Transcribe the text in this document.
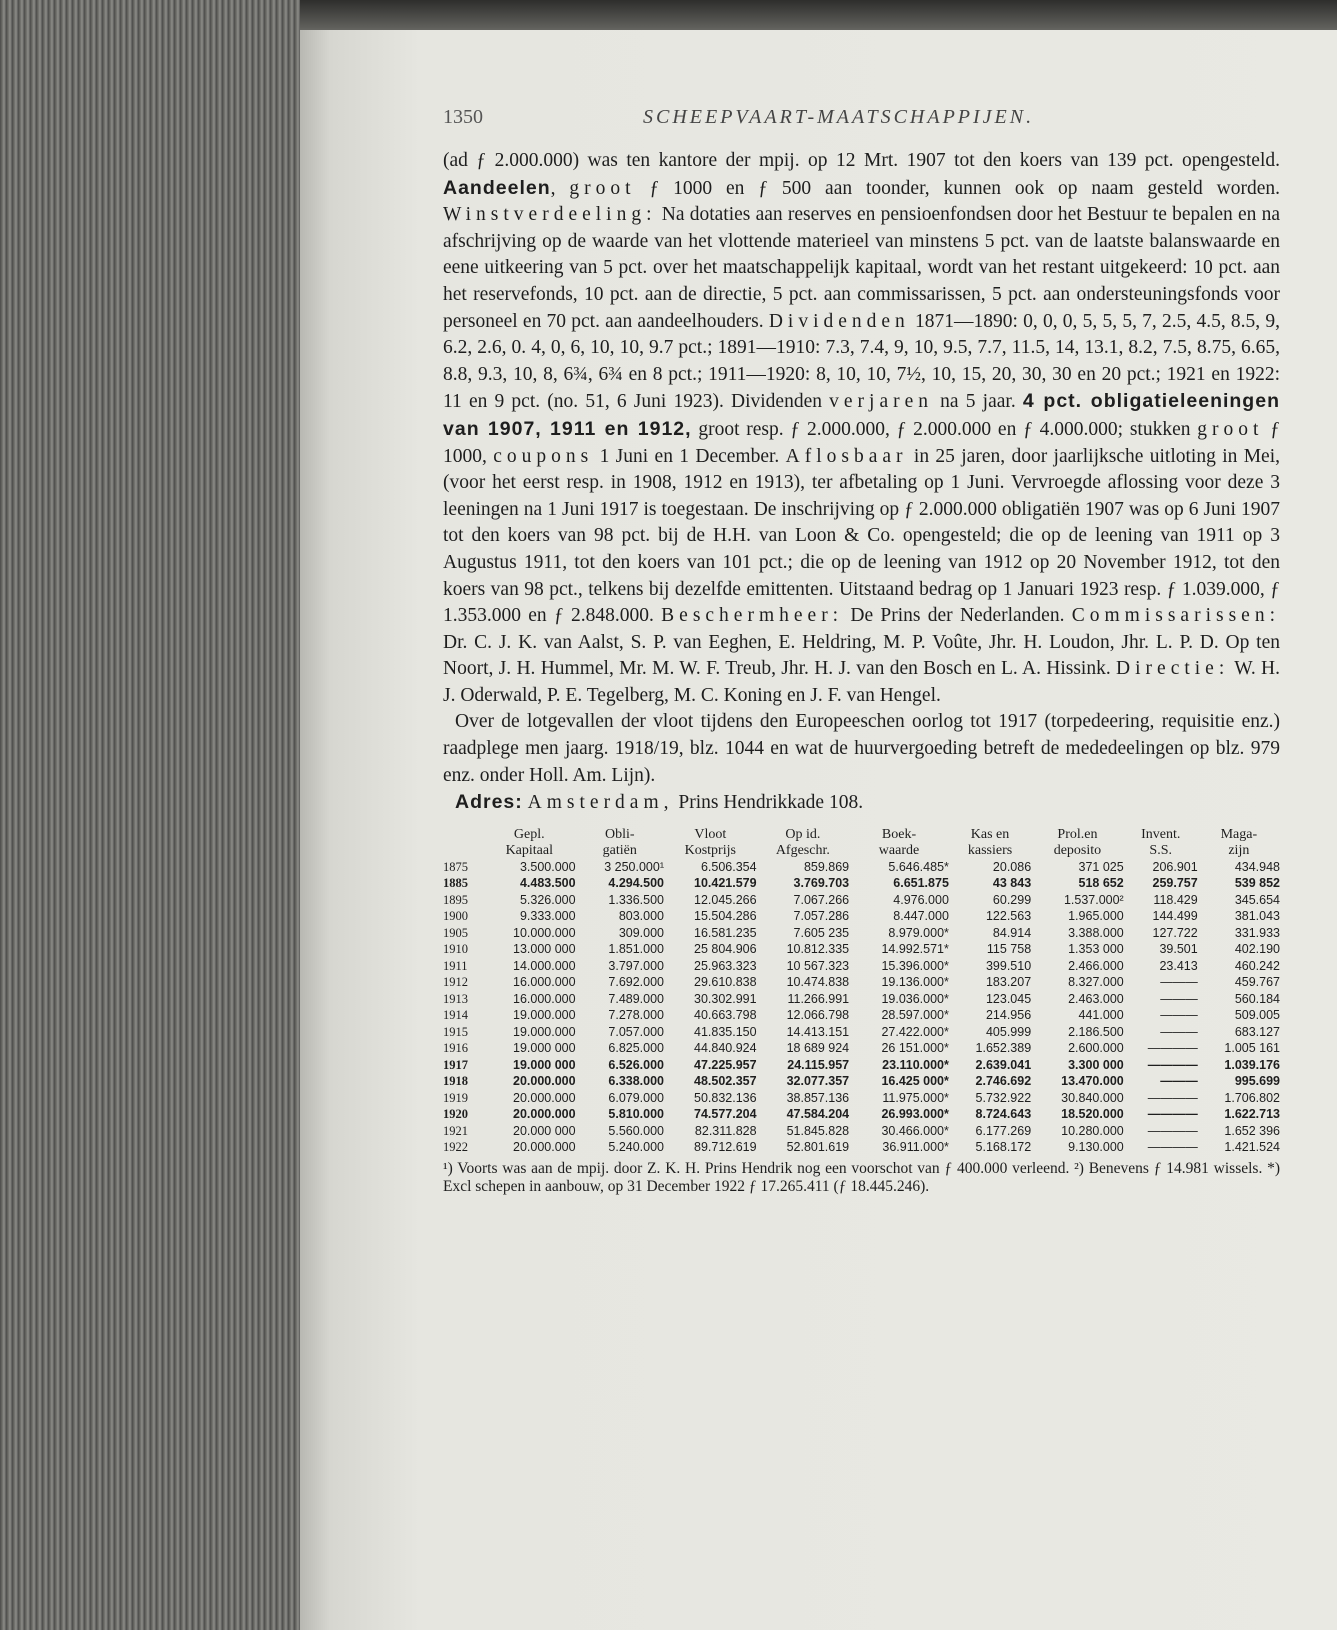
1350	SCHEEPVAART-MAATSCHAPPIJEN.

(ad ƒ 2.000.000) was ten kantore der mpij. op 12 Mrt. 1907 tot den koers van 139 pct. opengesteld. Aandeelen, groot ƒ 1000 en ƒ 500 aan toonder, kunnen ook op naam gesteld worden. Winstverdeeling: Na dotaties aan reserves en pensioenfondsen door het Bestuur te bepalen en na afschrijving op de waarde van het vlottende materieel van minstens 5 pct. van de laatste balanswaarde en eene uitkeering van 5 pct. over het maatschappelijk kapitaal, wordt van het restant uitgekeerd: 10 pct. aan het reservefonds, 10 pct. aan de directie, 5 pct. aan commissarissen, 5 pct. aan ondersteuningsfonds voor personeel en 70 pct. aan aandeelhouders. Dividenden 1871—1890: 0, 0, 0, 5, 5, 5, 7, 2.5, 4.5, 8.5, 9, 6.2, 2.6, 0. 4, 0, 6, 10, 10, 9.7 pct.; 1891—1910: 7.3, 7.4, 9, 10, 9.5, 7.7, 11.5, 14, 13.1, 8.2, 7.5, 8.75, 6.65, 8.8, 9.3, 10, 8, 6¾, 6¾ en 8 pct.; 1911—1920: 8, 10, 10, 7½, 10, 15, 20, 30, 30 en 20 pct.; 1921 en 1922: 11 en 9 pct. (no. 51, 6 Juni 1923). Dividenden verjaren na 5 jaar. 4 pct. obligatieleeningen van 1907, 1911 en 1912, groot resp. ƒ 2.000.000, ƒ 2.000.000 en ƒ 4.000.000; stukken groot ƒ 1000, coupons 1 Juni en 1 December. Aflosbaar in 25 jaren, door jaarlijksche uitloting in Mei, (voor het eerst resp. in 1908, 1912 en 1913), ter afbetaling op 1 Juni. Vervroegde aflossing voor deze 3 leeningen na 1 Juni 1917 is toegestaan. De inschrijving op ƒ 2.000.000 obligatiën 1907 was op 6 Juni 1907 tot den koers van 98 pct. bij de H.H. van Loon & Co. opengesteld; die op de leening van 1911 op 3 Augustus 1911, tot den koers van 101 pct.; die op de leening van 1912 op 20 November 1912, tot den koers van 98 pct., telkens bij dezelfde emittenten. Uitstaand bedrag op 1 Januari 1923 resp. ƒ 1.039.000, ƒ 1.353.000 en ƒ 2.848.000. Beschermheer: De Prins der Nederlanden. Commissarissen: Dr. C. J. K. van Aalst, S. P. van Eeghen, E. Heldring, M. P. Voûte, Jhr. H. Loudon, Jhr. L. P. D. Op ten Noort, J. H. Hummel, Mr. M. W. F. Treub, Jhr. H. J. van den Bosch en L. A. Hissink. Directie: W. H. J. Oderwald, P. E. Tegelberg, M. C. Koning en J. F. van Hengel.

Over de lotgevallen der vloot tijdens den Europeeschen oorlog tot 1917 (torpedeering, requisitie enz.) raadplege men jaarg. 1918/19, blz. 1044 en wat de huurvergoeding betreft de mededeelingen op blz. 979 enz. onder Holl. Am. Lijn).

Adres: Amsterdam, Prins Hendrikkade 108.

	Gepl.	Obli-	Vloot	Op id.	Boek-	Kas en	Prol.en	Invent.	Maga-
	Kapitaal	gatiën	Kostprijs	Afgeschr.	waarde	kassiers	deposito	S.S.	zijn
1875	3.500.000	3 250.000¹	6.506.354	859.869	5.646.485*	20.086	371 025	206.901	434.948
1885	4.483.500	4.294.500	10.421.579	3.769.703	6.651.875	43 843	518 652	259.757	539 852
1895	5.326.000	1.336.500	12.045.266	7.067.266	4.976.000	60.299	1.537.000²	118.429	345.654
1900	9.333.000	803.000	15.504.286	7.057.286	8.447.000	122.563	1.965.000	144.499	381.043
1905	10.000.000	309.000	16.581.235	7.605 235	8.979.000*	84.914	3.388.000	127.722	331.933
1910	13.000 000	1.851.000	25 804.906	10.812.335	14.992.571*	115 758	1.353 000	39.501	402.190
1911	14.000.000	3.797.000	25.963.323	10 567.323	15.396.000*	399.510	2.466.000	23.413	460.242
1912	16.000.000	7.692.000	29.610.838	10.474.838	19.136.000*	183.207	8.327.000	———	459.767
1913	16.000.000	7.489.000	30.302.991	11.266.991	19.036.000*	123.045	2.463.000	———	560.184
1914	19.000.000	7.278.000	40.663.798	12.066.798	28.597.000*	214.956	441.000	———	509.005
1915	19.000.000	7.057.000	41.835.150	14.413.151	27.422.000*	405.999	2.186.500	———	683.127
1916	19.000 000	6.825.000	44.840.924	18 689 924	26 151.000*	1.652.389	2.600.000	————	1.005 161
1917	19.000 000	6.526.000	47.225.957	24.115.957	23.110.000*	2.639.041	3.300 000	————	1.039.176
1918	20.000.000	6.338.000	48.502.357	32.077.357	16.425 000*	2.746.692	13.470.000	———	995.699
1919	20.000.000	6.079.000	50.832.136	38.857.136	11.975.000*	5.732.922	30.840.000	————	1.706.802
1920	20.000.000	5.810.000	74.577.204	47.584.204	26.993.000*	8.724.643	18.520.000	————	1.622.713
1921	20.000 000	5.560.000	82.311.828	51.845.828	30.466.000*	6.177.269	10.280.000	————	1.652 396
1922	20.000.000	5.240.000	89.712.619	52.801.619	36.911.000*	5.168.172	9.130.000	————	1.421.524
¹) Voorts was aan de mpij. door Z. K. H. Prins Hendrik nog een voorschot van ƒ 400.000 verleend. ²) Benevens ƒ 14.981 wissels. *) Excl schepen in aanbouw, op 31 December 1922 ƒ 17.265.411 (ƒ 18.445.246).
